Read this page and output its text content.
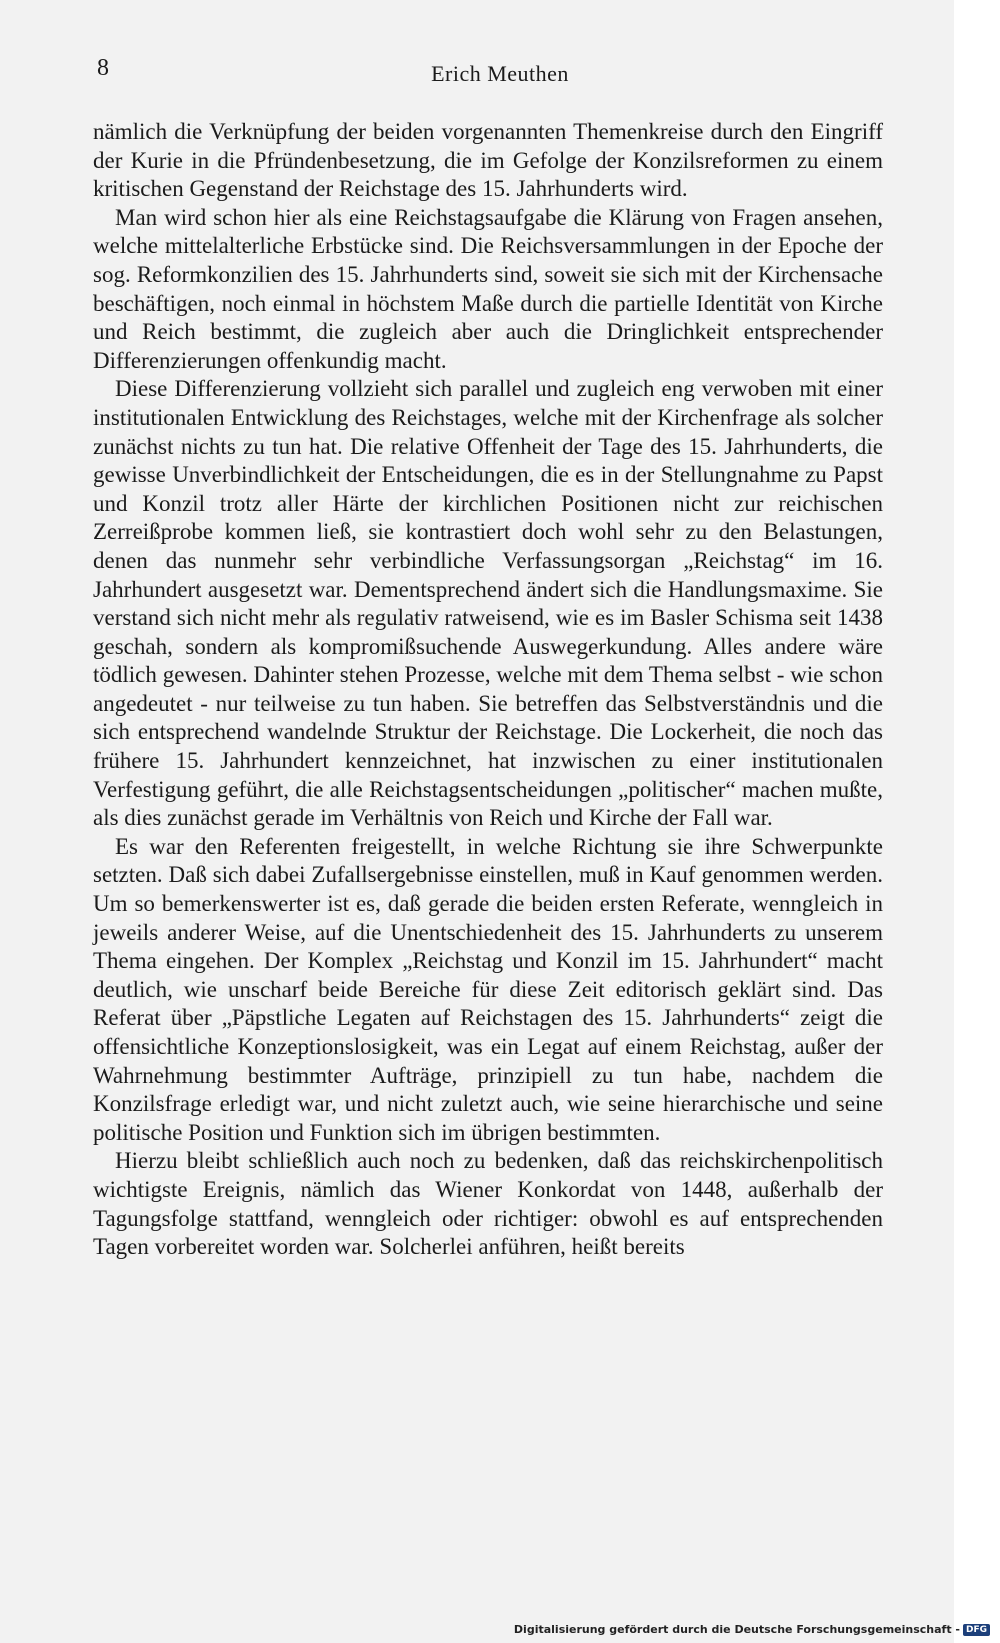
8	Erich Meuthen

nämlich die Verknüpfung der beiden vorgenannten Themenkreise durch den Eingriff der Kurie in die Pfründenbesetzung, die im Gefolge der Konzilsreformen zu einem kritischen Gegenstand der Reichstage des 15. Jahrhunderts wird.

Man wird schon hier als eine Reichstagsaufgabe die Klärung von Fragen ansehen, welche mittelalterliche Erbstücke sind. Die Reichsversammlungen in der Epoche der sog. Reformkonzilien des 15. Jahrhunderts sind, soweit sie sich mit der Kirchensache beschäftigen, noch einmal in höchstem Maße durch die partielle Identität von Kirche und Reich bestimmt, die zugleich aber auch die Dringlichkeit entsprechender Differenzierungen offenkundig macht.

Diese Differenzierung vollzieht sich parallel und zugleich eng verwoben mit einer institutionalen Entwicklung des Reichstages, welche mit der Kirchenfrage als solcher zunächst nichts zu tun hat. Die relative Offenheit der Tage des 15. Jahrhunderts, die gewisse Unverbindlichkeit der Entscheidungen, die es in der Stellungnahme zu Papst und Konzil trotz aller Härte der kirchlichen Positionen nicht zur reichischen Zerreißprobe kommen ließ, sie kontrastiert doch wohl sehr zu den Belastungen, denen das nunmehr sehr verbindliche Verfassungsorgan „Reichstag“ im 16. Jahrhundert ausgesetzt war. Dementsprechend ändert sich die Handlungsmaxime. Sie verstand sich nicht mehr als regulativ ratweisend, wie es im Basler Schisma seit 1438 geschah, sondern als kompromißsuchende Auswegerkundung. Alles andere wäre tödlich gewesen. Dahinter stehen Prozesse, welche mit dem Thema selbst - wie schon angedeutet - nur teilweise zu tun haben. Sie betreffen das Selbstverständnis und die sich entsprechend wandelnde Struktur der Reichstage. Die Lockerheit, die noch das frühere 15. Jahrhundert kennzeichnet, hat inzwischen zu einer institutionalen Verfestigung geführt, die alle Reichstagsentscheidungen „politischer“ machen mußte, als dies zunächst gerade im Verhältnis von Reich und Kirche der Fall war.

Es war den Referenten freigestellt, in welche Richtung sie ihre Schwerpunkte setzten. Daß sich dabei Zufallsergebnisse einstellen, muß in Kauf genommen werden. Um so bemerkenswerter ist es, daß gerade die beiden ersten Referate, wenngleich in jeweils anderer Weise, auf die Unentschiedenheit des 15. Jahrhunderts zu unserem Thema eingehen. Der Komplex „Reichstag und Konzil im 15. Jahrhundert“ macht deutlich, wie unscharf beide Bereiche für diese Zeit editorisch geklärt sind. Das Referat über „Päpstliche Legaten auf Reichstagen des 15. Jahrhunderts“ zeigt die offensichtliche Konzeptionslosigkeit, was ein Legat auf einem Reichstag, außer der Wahrnehmung bestimmter Aufträge, prinzipiell zu tun habe, nachdem die Konzilsfrage erledigt war, und nicht zuletzt auch, wie seine hierarchische und seine politische Position und Funktion sich im übrigen bestimmten.

Hierzu bleibt schließlich auch noch zu bedenken, daß das reichskirchenpolitisch wichtigste Ereignis, nämlich das Wiener Konkordat von 1448, außerhalb der Tagungsfolge stattfand, wenngleich oder richtiger: obwohl es auf entsprechenden Tagen vorbereitet worden war. Solcherlei anführen, heißt bereits

Digitalisierung gefördert durch die Deutsche Forschungsgemeinschaft - DFG
